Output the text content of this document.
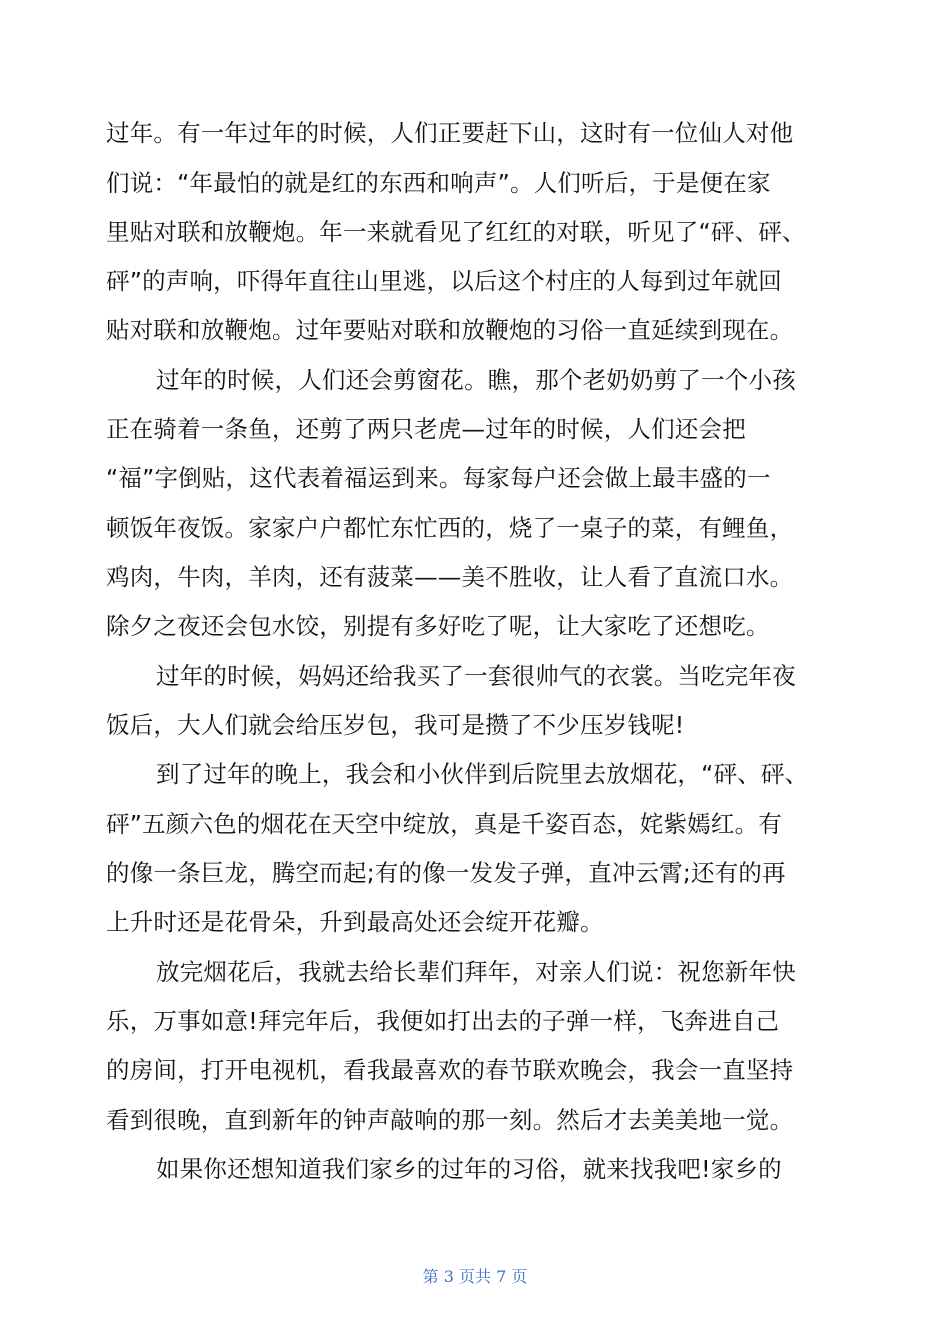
过年。有一年过年的时候，人们正要赶下山，这时有一位仙人对他
们说：“年最怕的就是红的东西和响声”。人们听后，于是便在家
里贴对联和放鞭炮。年一来就看见了红红的对联，听见了“砰、砰、
砰”的声响，吓得年直往山里逃，以后这个村庄的人每到过年就回
贴对联和放鞭炮。过年要贴对联和放鞭炮的习俗一直延续到现在。
过年的时候，人们还会剪窗花。瞧，那个老奶奶剪了一个小孩
正在骑着一条鱼，还剪了两只老虎—过年的时候，人们还会把
“福”字倒贴，这代表着福运到来。每家每户还会做上最丰盛的一
顿饭年夜饭。家家户户都忙东忙西的，烧了一桌子的菜，有鲤鱼，
鸡肉，牛肉，羊肉，还有菠菜——美不胜收，让人看了直流口水。
除夕之夜还会包水饺，别提有多好吃了呢，让大家吃了还想吃。
过年的时候，妈妈还给我买了一套很帅气的衣裳。当吃完年夜
饭后，大人们就会给压岁包，我可是攒了不少压岁钱呢!
到了过年的晚上，我会和小伙伴到后院里去放烟花，“砰、砰、
砰”五颜六色的烟花在天空中绽放，真是千姿百态，姹紫嫣红。有
的像一条巨龙，腾空而起;有的像一发发子弹，直冲云霄;还有的再
上升时还是花骨朵，升到最高处还会绽开花瓣。
放完烟花后，我就去给长辈们拜年，对亲人们说：祝您新年快
乐，万事如意!拜完年后，我便如打出去的子弹一样，飞奔进自己
的房间，打开电视机，看我最喜欢的春节联欢晚会，我会一直坚持
看到很晚，直到新年的钟声敲响的那一刻。然后才去美美地一觉。
如果你还想知道我们家乡的过年的习俗，就来找我吧!家乡的
第 3 页共 7 页
